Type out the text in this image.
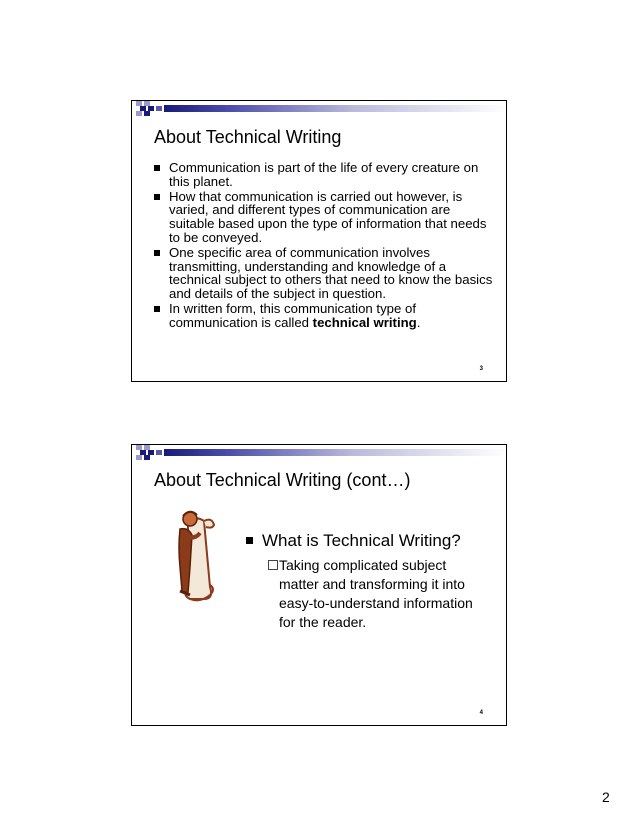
About Technical Writing
Communication is part of the life of every creature on this planet.
How that communication is carried out however, is varied, and different types of communication are suitable based upon the type of information that needs to be conveyed.
One specific area of communication involves transmitting, understanding and knowledge of a technical subject to others that need to know the basics and details of the subject in question.
In written form, this communication type of communication is called technical writing.
3
About Technical Writing (cont…)
What is Technical Writing?
Taking complicated subject matter and transforming it into easy-to-understand information for the reader.
4
2
